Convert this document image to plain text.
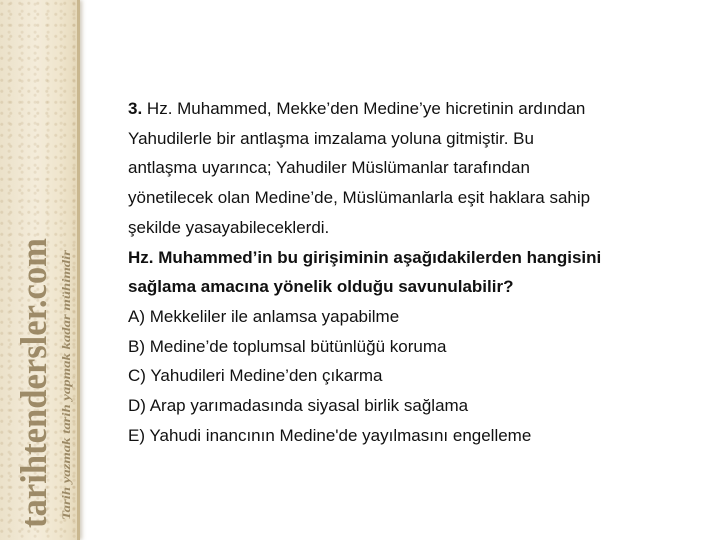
tarihtendersler.com Tarih yazmak tarih yapmak kadar mühimdir

3. Hz. Muhammed, Mekke’den Medine’ye hicretinin ardından

Yahudilerle bir antlaşma imzalama yoluna gitmiştir. Bu

antlaşma uyarınca; Yahudiler Müslümanlar tarafından

yönetilecek olan Medine’de, Müslümanlarla eşit haklara sahip

şekilde yasayabileceklerdi.

Hz. Muhammed’in bu girişiminin aşağıdakilerden hangisini

sağlama amacına yönelik olduğu savunulabilir?

A) Mekkeliler ile anlamsa yapabilme

B) Medine’de toplumsal bütünlüğü koruma

C) Yahudileri Medine’den çıkarma

D) Arap yarımadasında siyasal birlik sağlama

E) Yahudi inancının Medine'de yayılmasını engelleme
